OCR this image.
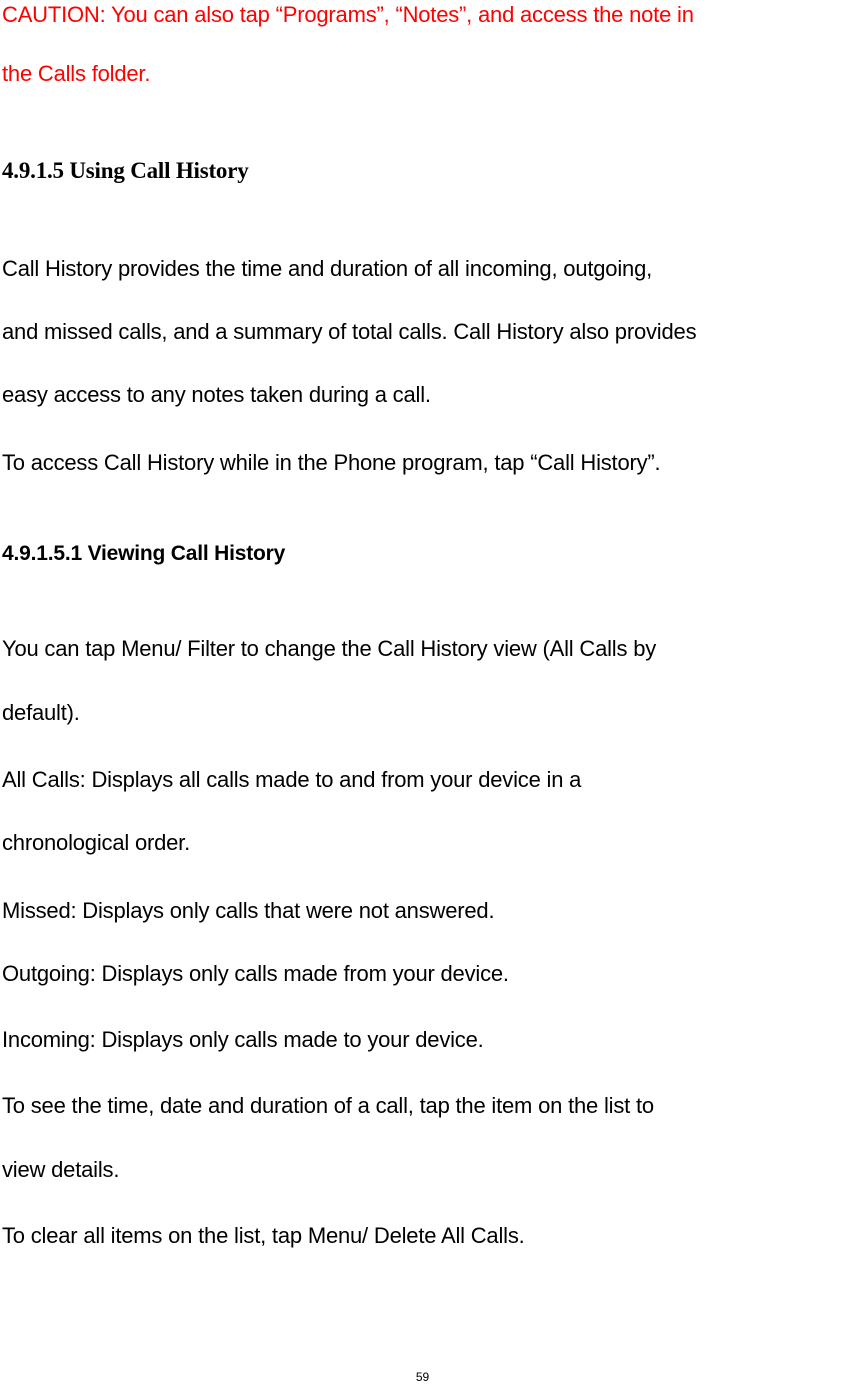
CAUTION: You can also tap “Programs”, “Notes”, and access the note in
the Calls folder.
4.9.1.5 Using Call History
Call History provides the time and duration of all incoming, outgoing,
and missed calls, and a summary of total calls. Call History also provides
easy access to any notes taken during a call.
To access Call History while in the Phone program, tap “Call History”.
4.9.1.5.1 Viewing Call History
You can tap Menu/ Filter to change the Call History view (All Calls by
default).
All Calls: Displays all calls made to and from your device in a
chronological order.
Missed: Displays only calls that were not answered.
Outgoing: Displays only calls made from your device.
Incoming: Displays only calls made to your device.
To see the time, date and duration of a call, tap the item on the list to
view details.
To clear all items on the list, tap Menu/ Delete All Calls.
59
